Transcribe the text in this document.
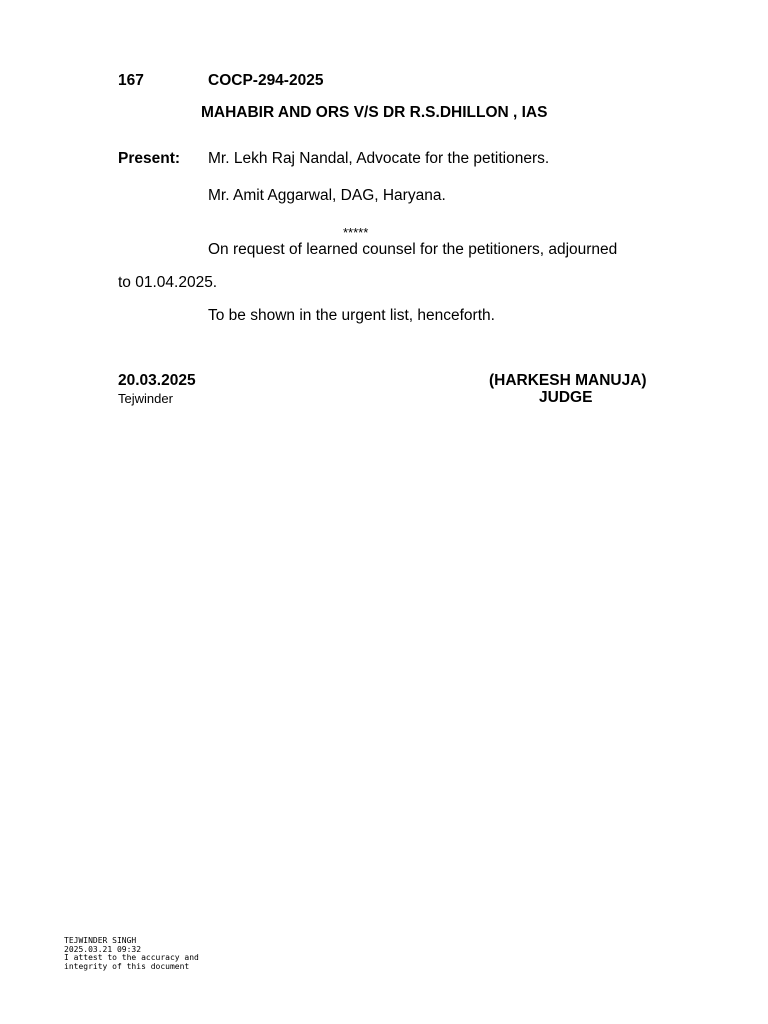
167	COCP-294-2025
MAHABIR AND ORS V/S DR R.S.DHILLON , IAS
Present: Mr. Lekh Raj Nandal, Advocate for the petitioners.
Mr. Amit Aggarwal, DAG, Haryana.
*****
On request of learned counsel for the petitioners, adjourned
to 01.04.2025.
To be shown in the urgent list, henceforth.
20.03.2025
Tejwinder
(HARKESH MANUJA)
JUDGE
TEJWINDER SINGH
2025.03.21 09:32
I attest to the accuracy and
integrity of this document
